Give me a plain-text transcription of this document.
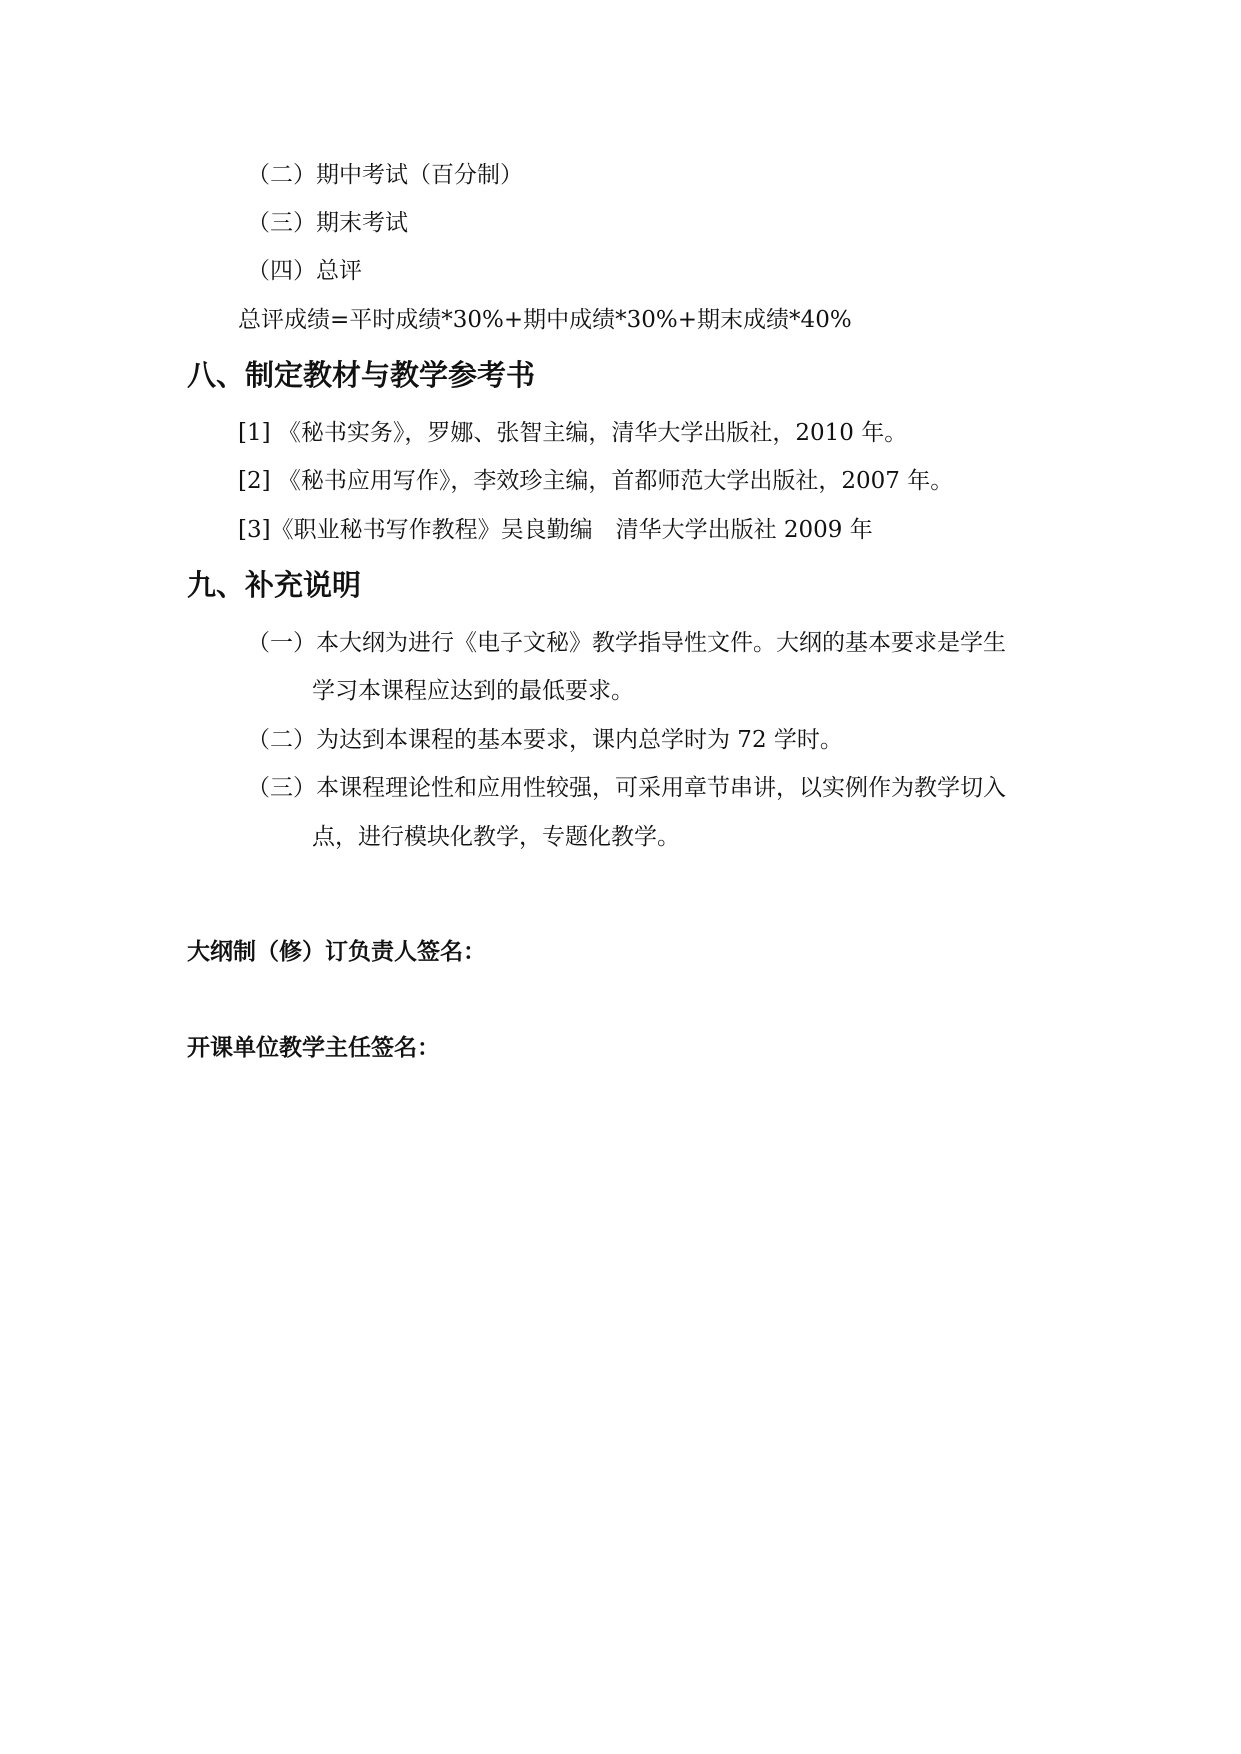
（二）期中考试（百分制）
（三）期末考试
（四）总评
总评成绩=平时成绩*30%+期中成绩*30%+期末成绩*40%
八、制定教材与教学参考书
[1] 《秘书实务》，罗娜、张智主编，清华大学出版社，2010 年。
[2] 《秘书应用写作》，李效珍主编，首都师范大学出版社，2007 年。
[3]《职业秘书写作教程》吴良勤编　清华大学出版社 2009 年
九、补充说明
（一）本大纲为进行《电子文秘》教学指导性文件。大纲的基本要求是学生
学习本课程应达到的最低要求。
（二）为达到本课程的基本要求，课内总学时为 72 学时。
（三）本课程理论性和应用性较强，可采用章节串讲，以实例作为教学切入
点，进行模块化教学，专题化教学。
大纲制（修）订负责人签名：
开课单位教学主任签名：
